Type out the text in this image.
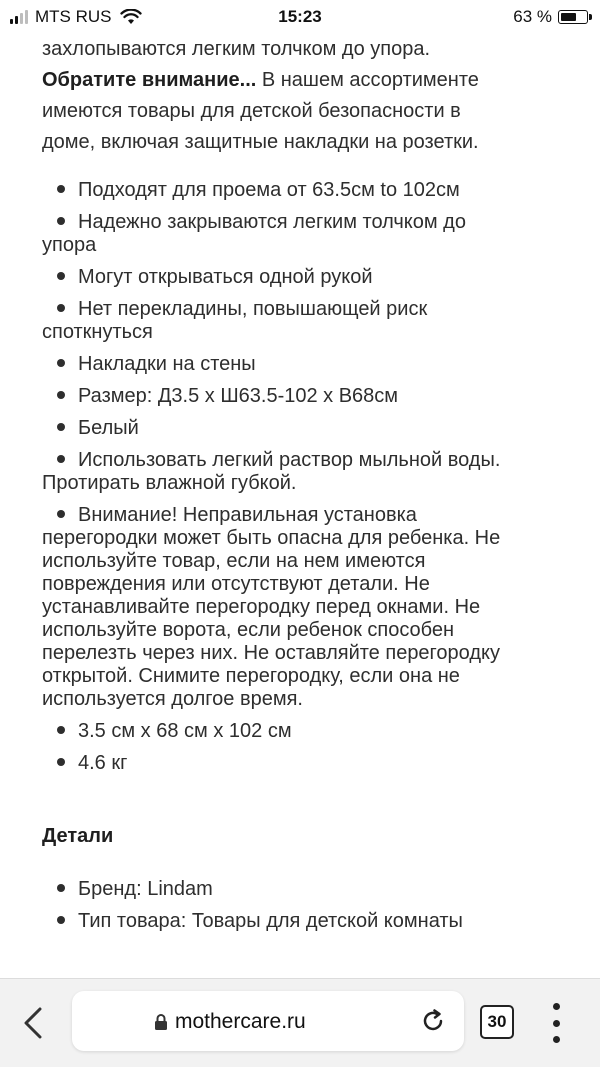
MTS RUS	15:23	63 %

захлопываются легким толчком до упора.

Обратите внимание... В нашем ассортименте

имеются товары для детской безопасности в

доме, включая защитные накладки на розетки.

Подходят для проема от 63.5см to 102см
Надежно закрываются легким толчком до
упора
Могут открываться одной рукой
Нет перекладины, повышающей риск
споткнуться
Накладки на стены
Размер: Д3.5 x Ш63.5-102 x В68см
Белый
Использовать легкий раствор мыльной воды.
Протирать влажной губкой.
Внимание! Неправильная установка
перегородки может быть опасна для ребенка. Не
используйте товар, если на нем имеются
повреждения или отсутствуют детали. Не
устанавливайте перегородку перед окнами. Не
используйте ворота, если ребенок способен
перелезть через них. Не оставляйте перегородку
открытой. Снимите перегородку, если она не
используется долгое время.
3.5 см x 68 см x 102 см
4.6 кг
Детали
Бренд: Lindam
Тип товара: Товары для детской комнаты
mothercare.ru	30
